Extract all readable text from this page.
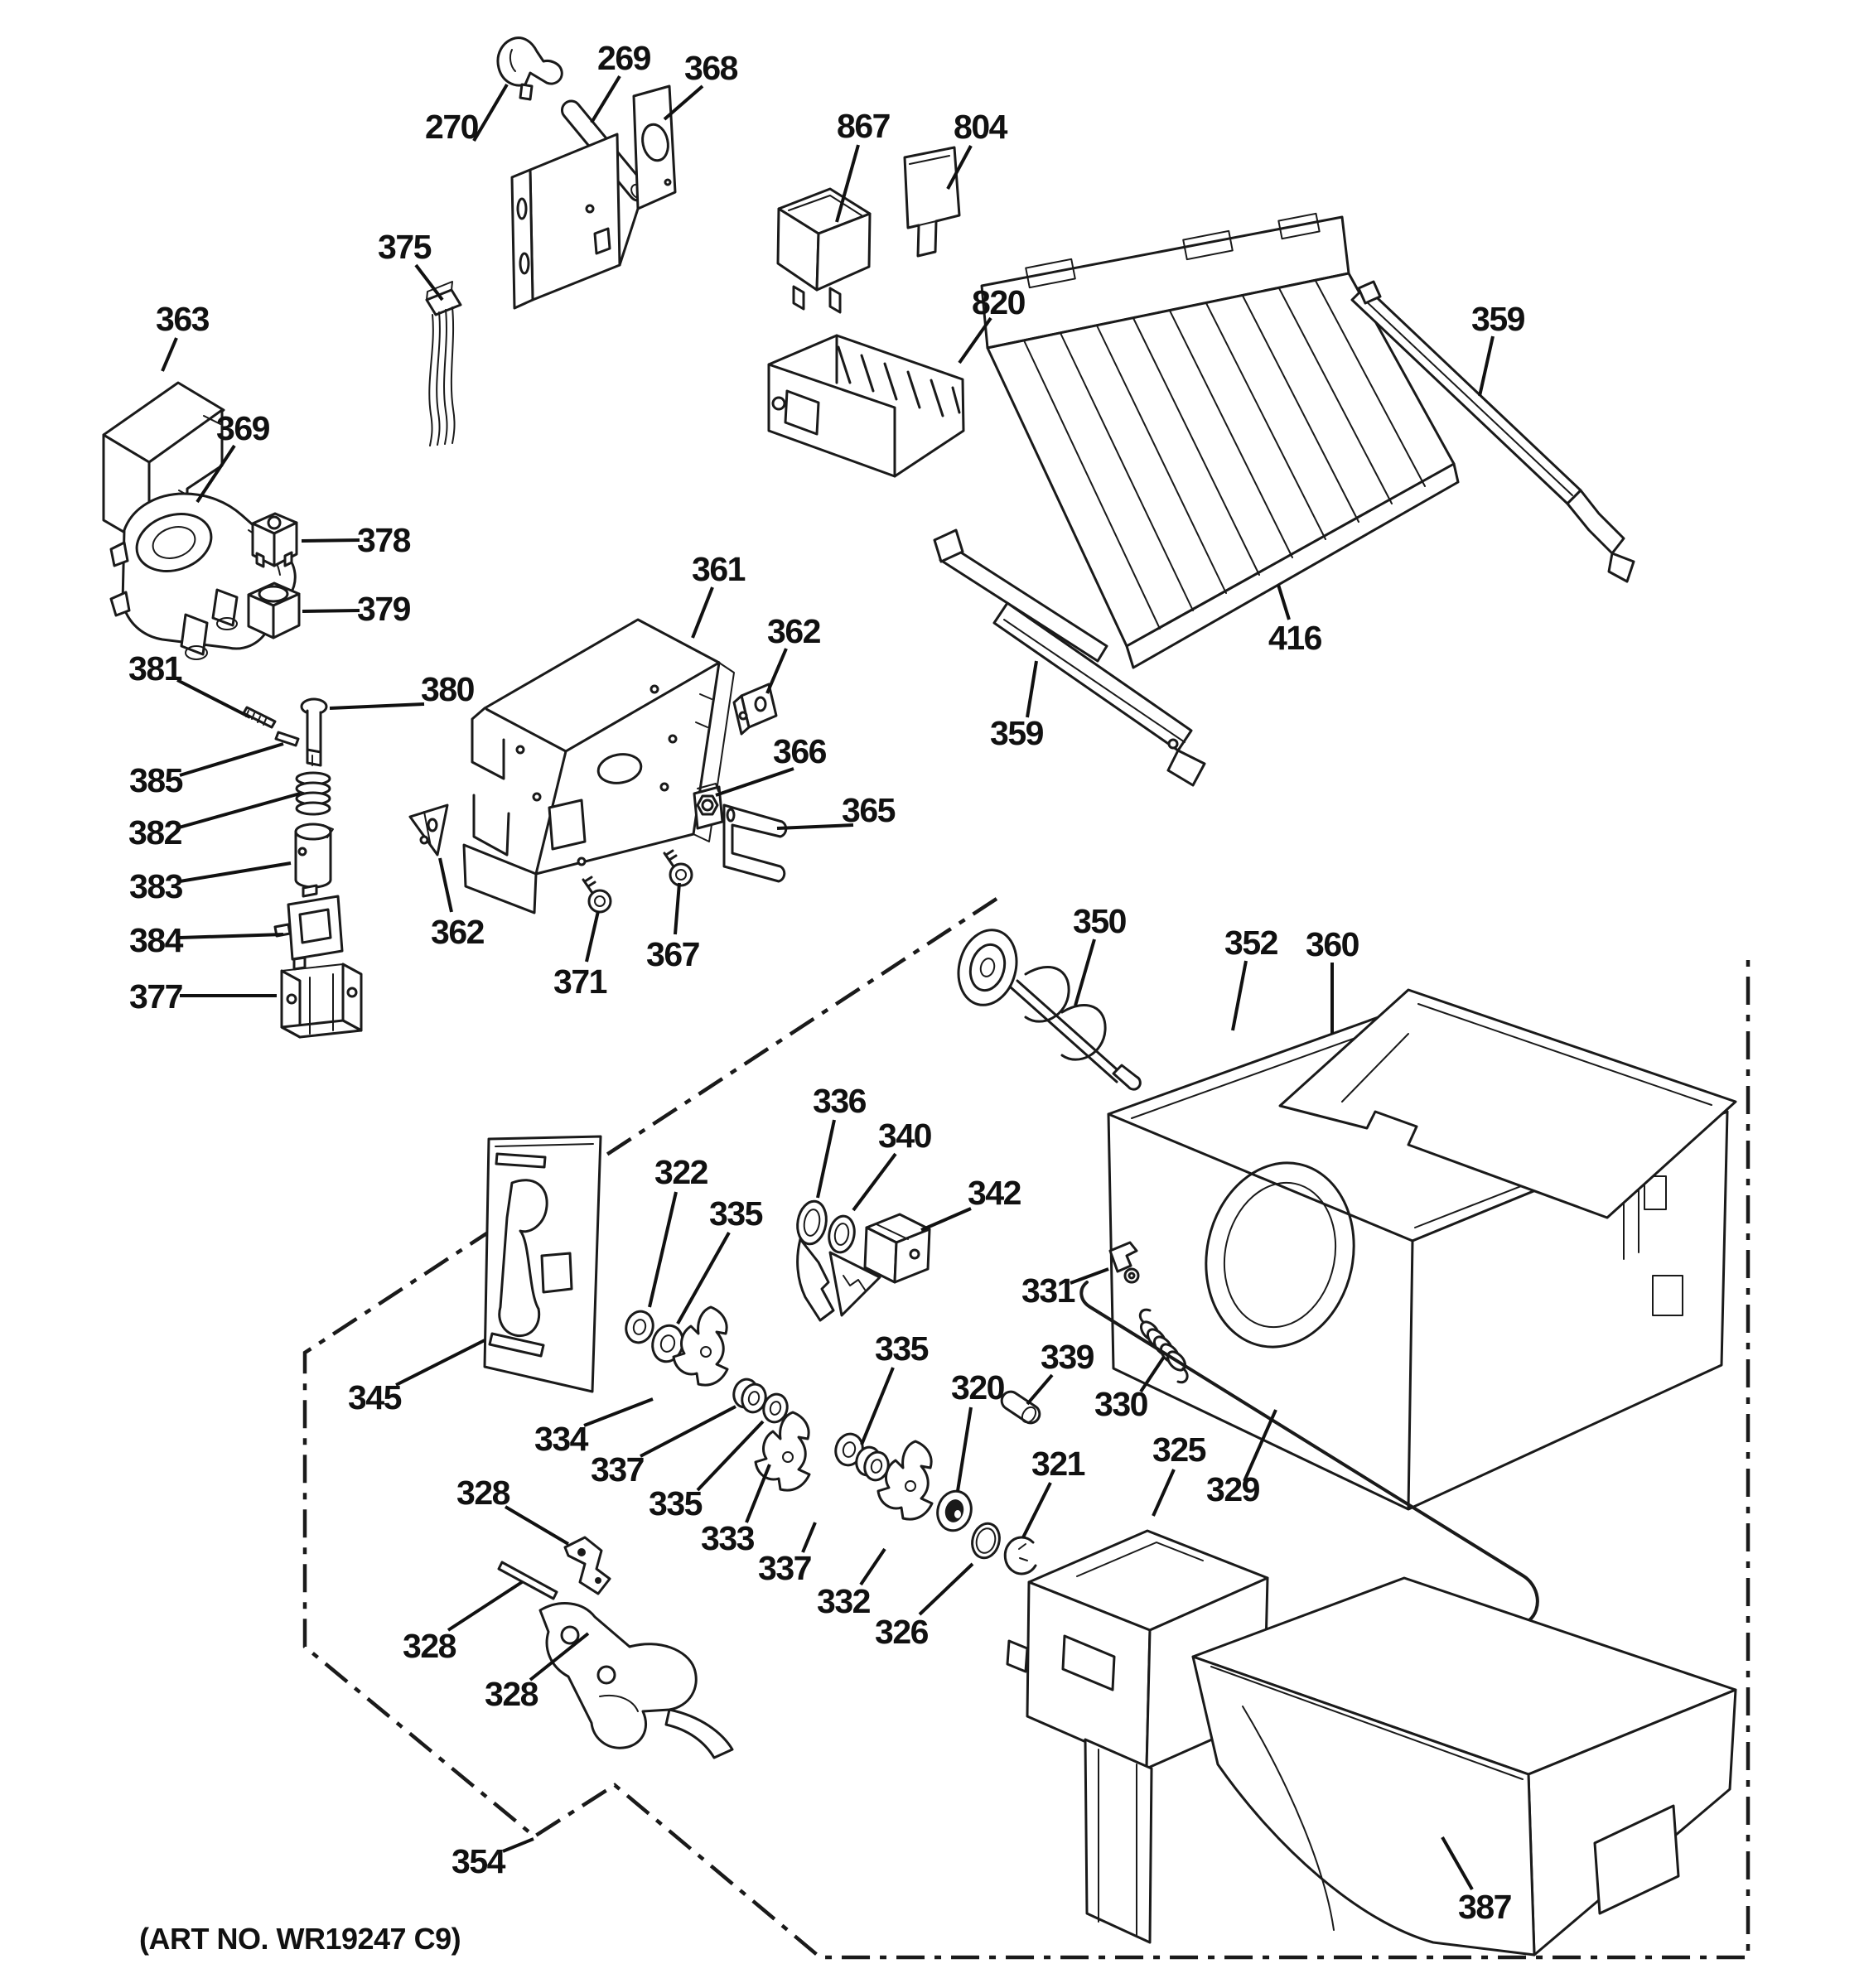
270
269 368
867 804
820	359
416
359
363
369
375
378
379
381
380
385
382
383
384
377
362
361
362
366
365
367
371
350
352 360
331
336
340
342
322
335
335
320
339
330
345
334
337
335
333
337
332
326
321 325
329
328
328
328
354
387
(ART NO. WR19247 C9)
